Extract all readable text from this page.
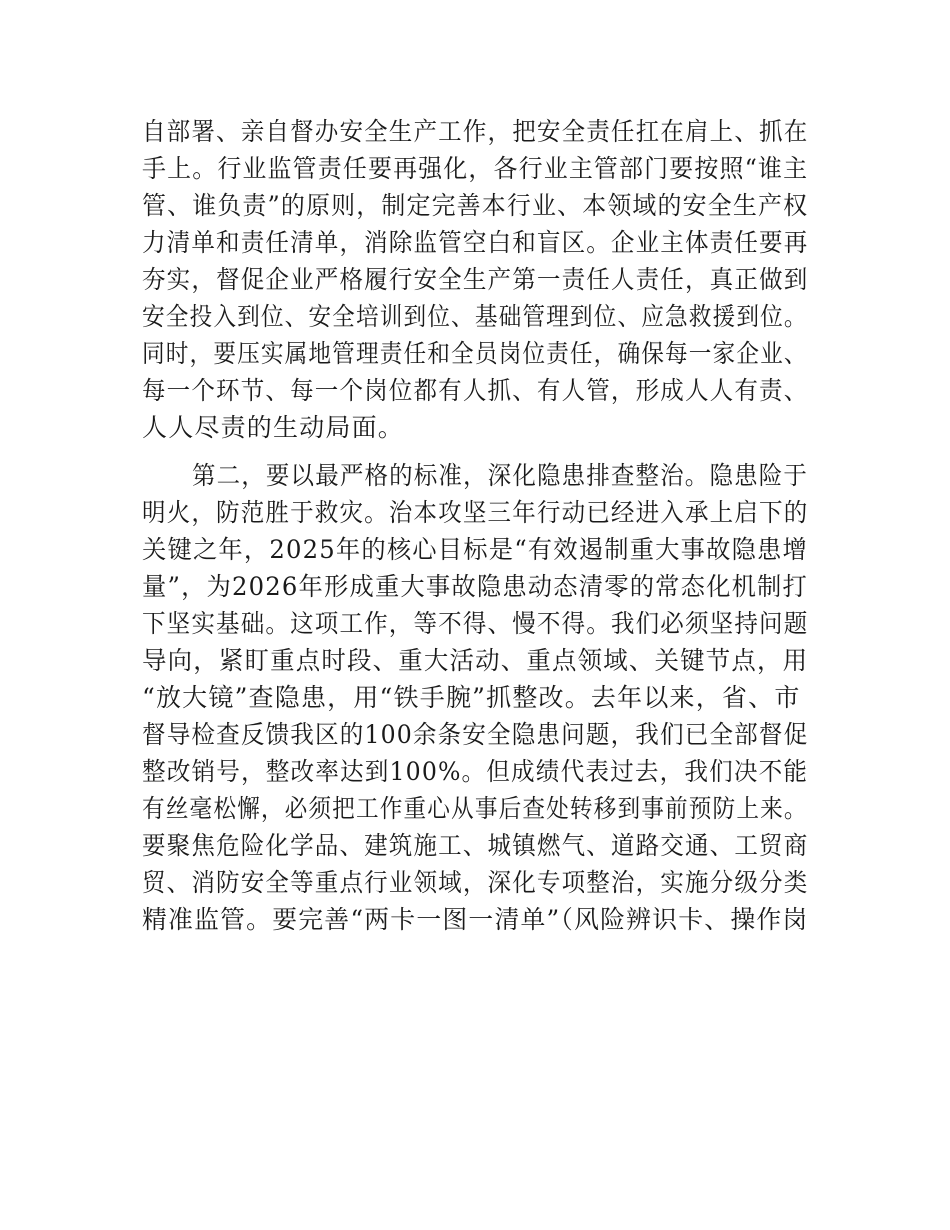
自部署、亲自督办安全生产工作，把安全责任扛在肩上、抓在
手上。行业监管责任要再强化，各行业主管部门要按照“谁主
管、谁负责”的原则，制定完善本行业、本领域的安全生产权
力清单和责任清单，消除监管空白和盲区。企业主体责任要再
夯实，督促企业严格履行安全生产第一责任人责任，真正做到
安全投入到位、安全培训到位、基础管理到位、应急救援到位。
同时，要压实属地管理责任和全员岗位责任，确保每一家企业、
每一个环节、每一个岗位都有人抓、有人管，形成人人有责、
人人尽责的生动局面。
第二，要以最严格的标准，深化隐患排查整治。隐患险于
明火，防范胜于救灾。治本攻坚三年行动已经进入承上启下的
关键之年，2025年的核心目标是“有效遏制重大事故隐患增
量”，为2026年形成重大事故隐患动态清零的常态化机制打
下坚实基础。这项工作，等不得、慢不得。我们必须坚持问题
导向，紧盯重点时段、重大活动、重点领域、关键节点，用
“放大镜”查隐患，用“铁手腕”抓整改。去年以来，省、市
督导检查反馈我区的100余条安全隐患问题，我们已全部督促
整改销号，整改率达到100%。但成绩代表过去，我们决不能
有丝毫松懈，必须把工作重心从事后查处转移到事前预防上来。
要聚焦危险化学品、建筑施工、城镇燃气、道路交通、工贸商
贸、消防安全等重点行业领域，深化专项整治，实施分级分类
精准监管。要完善“两卡一图一清单”（风险辨识卡、操作岗
